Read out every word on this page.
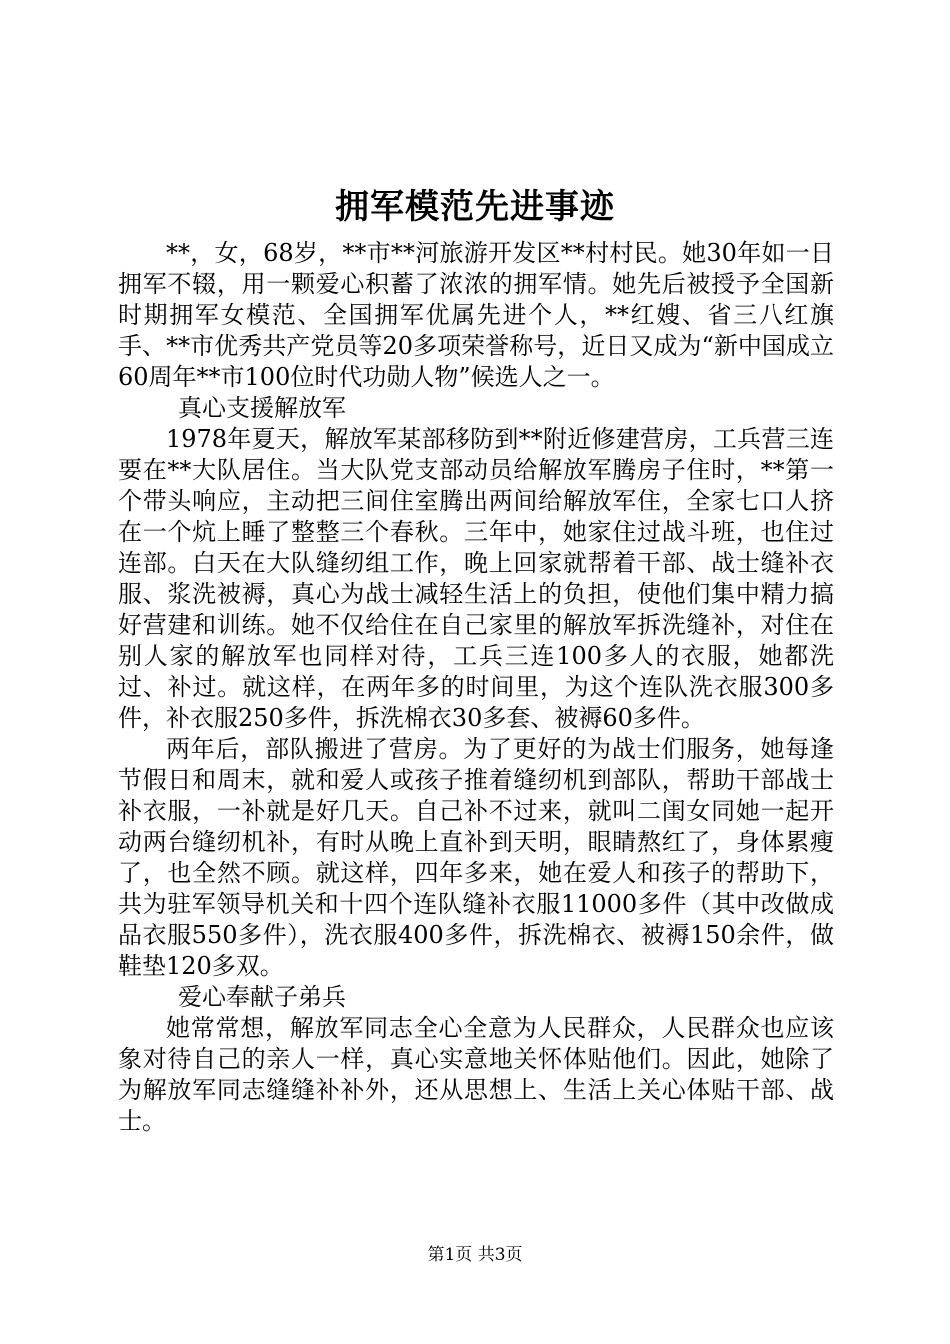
拥军模范先进事迹

**，女，68岁，**市**河旅游开发区**村村民。她30年如一日拥军不辍，用一颗爱心积蓄了浓浓的拥军情。她先后被授予全国新时期拥军女模范、全国拥军优属先进个人，**红嫂、省三八红旗手、**市优秀共产党员等20多项荣誉称号，近日又成为“新中国成立60周年**市100位时代功勋人物”候选人之一。

真心支援解放军

1978年夏天，解放军某部移防到**附近修建营房，工兵营三连要在**大队居住。当大队党支部动员给解放军腾房子住时，**第一个带头响应，主动把三间住室腾出两间给解放军住，全家七口人挤在一个炕上睡了整整三个春秋。三年中，她家住过战斗班，也住过连部。白天在大队缝纫组工作，晚上回家就帮着干部、战士缝补衣服、浆洗被褥，真心为战士减轻生活上的负担，使他们集中精力搞好营建和训练。她不仅给住在自己家里的解放军拆洗缝补，对住在别人家的解放军也同样对待，工兵三连100多人的衣服，她都洗过、补过。就这样，在两年多的时间里，为这个连队洗衣服300多件，补衣服250多件，拆洗棉衣30多套、被褥60多件。

两年后，部队搬进了营房。为了更好的为战士们服务，她每逢节假日和周末，就和爱人或孩子推着缝纫机到部队，帮助干部战士补衣服，一补就是好几天。自己补不过来，就叫二闺女同她一起开动两台缝纫机补，有时从晚上直补到天明，眼睛熬红了，身体累瘦了，也全然不顾。就这样，四年多来，她在爱人和孩子的帮助下，共为驻军领导机关和十四个连队缝补衣服11000多件（其中改做成品衣服550多件），洗衣服400多件，拆洗棉衣、被褥150余件，做鞋垫120多双。

爱心奉献子弟兵

她常常想，解放军同志全心全意为人民群众，人民群众也应该象对待自己的亲人一样，真心实意地关怀体贴他们。因此，她除了为解放军同志缝缝补补外，还从思想上、生活上关心体贴干部、战士。

第1页 共3页
